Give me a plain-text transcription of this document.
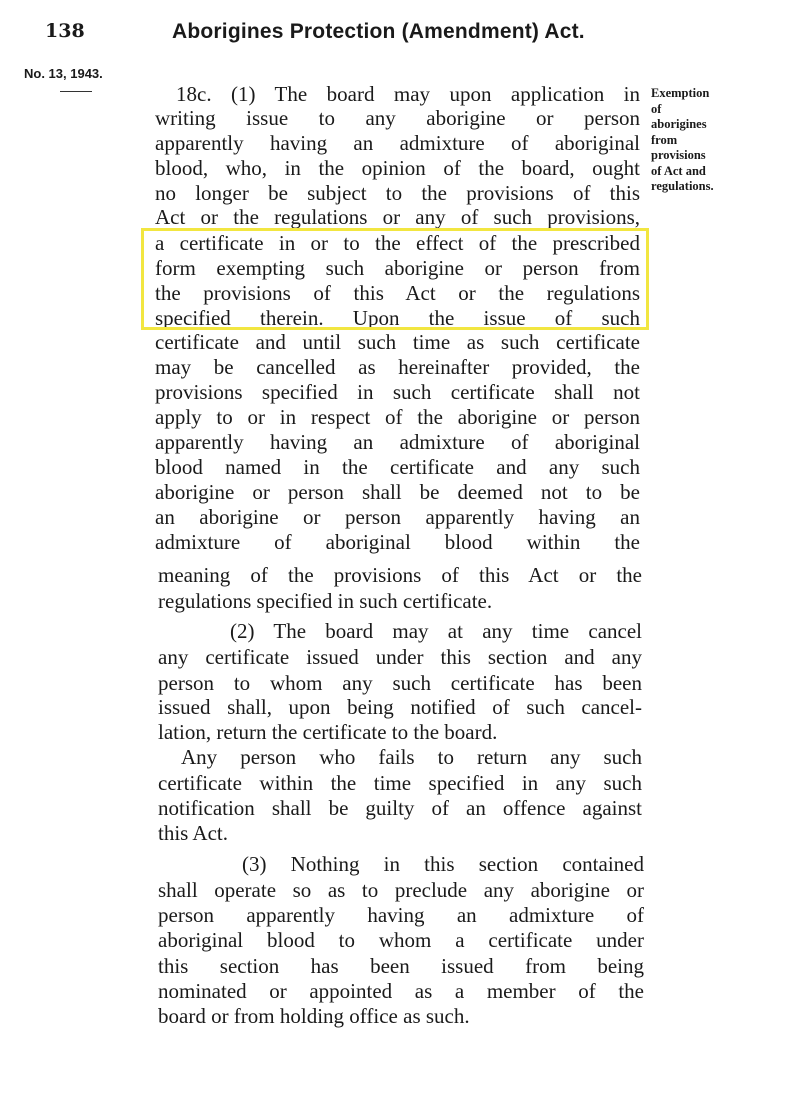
138	Aborigines Protection (Amendment) Act.
No. 13, 1943.
Exemption
of
aborigines
from
provisions
of Act and
regulations.
18c. (1) The board may upon application in
writing issue to any aborigine or person
apparently having an admixture of aboriginal
blood, who, in the opinion of the board, ought
no longer be subject to the provisions of this
Act or the regulations or any of such provisions,
a certificate in or to the effect of the prescribed
form exempting such aborigine or person from
the provisions of this Act or the regulations
specified therein. Upon the issue of such
certificate and until such time as such certificate
may be cancelled as hereinafter provided, the
provisions specified in such certificate shall not
apply to or in respect of the aborigine or person
apparently having an admixture of aboriginal
blood named in the certificate and any such
aborigine or person shall be deemed not to be
an aborigine or person apparently having an
admixture of aboriginal blood within the
meaning of the provisions of this Act or the
regulations specified in such certificate.
(2) The board may at any time cancel
any certificate issued under this section and any
person to whom any such certificate has been
issued shall, upon being notified of such cancel-
lation, return the certificate to the board.
Any person who fails to return any such
certificate within the time specified in any such
notification shall be guilty of an offence against
this Act.
(3) Nothing in this section contained
shall operate so as to preclude any aborigine or
person apparently having an admixture of
aboriginal blood to whom a certificate under
this section has been issued from being
nominated or appointed as a member of the
board or from holding office as such.
